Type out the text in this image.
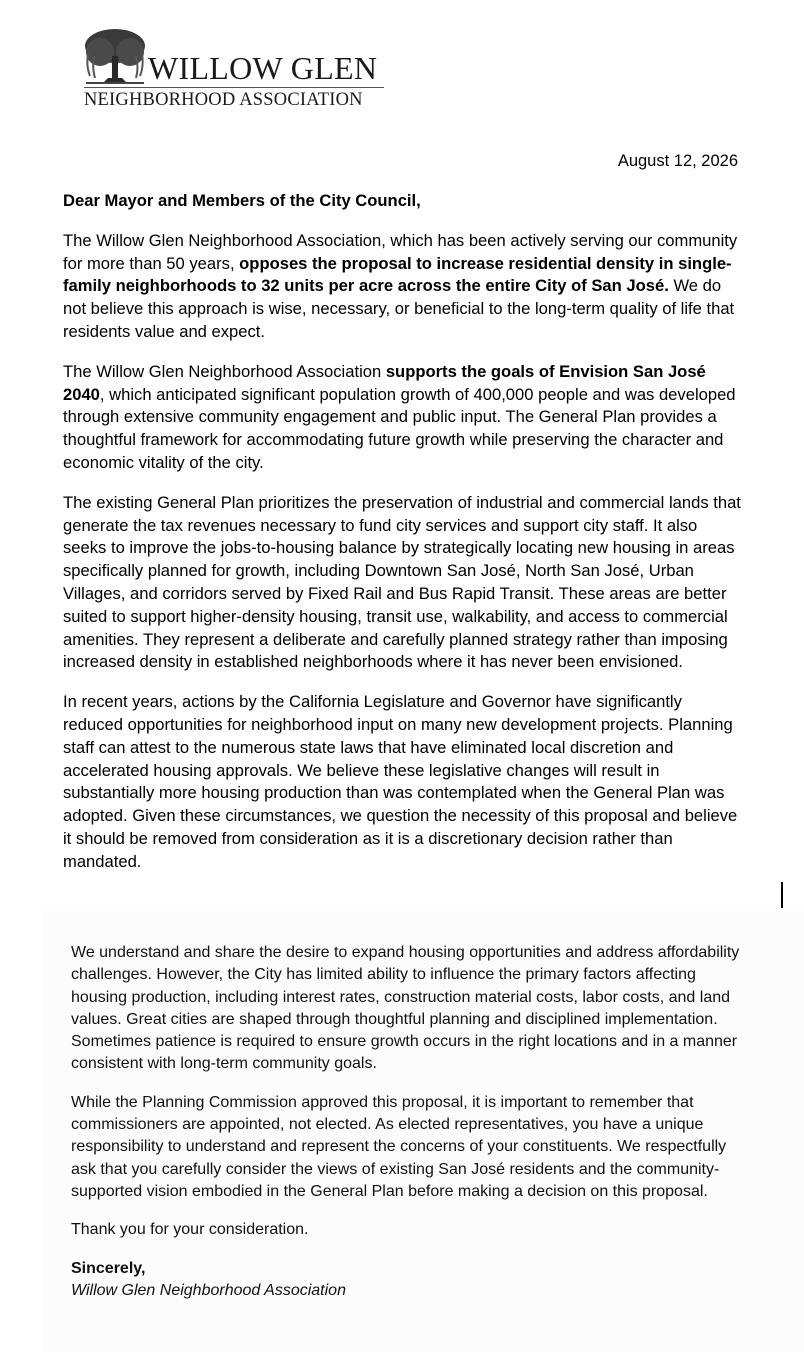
WILLOW GLEN
NEIGHBORHOOD ASSOCIATION
August 12, 2026

Dear Mayor and Members of the City Council,

The Willow Glen Neighborhood Association, which has been actively serving our community for more than 50 years, opposes the proposal to increase residential density in single-family neighborhoods to 32 units per acre across the entire City of San José. We do not believe this approach is wise, necessary, or beneficial to the long-term quality of life that residents value and expect.

The Willow Glen Neighborhood Association supports the goals of Envision San José 2040, which anticipated significant population growth of 400,000 people and was developed through extensive community engagement and public input. The General Plan provides a thoughtful framework for accommodating future growth while preserving the character and economic vitality of the city.

The existing General Plan prioritizes the preservation of industrial and commercial lands that generate the tax revenues necessary to fund city services and support city staff. It also seeks to improve the jobs-to-housing balance by strategically locating new housing in areas specifically planned for growth, including Downtown San José, North San José, Urban Villages, and corridors served by Fixed Rail and Bus Rapid Transit. These areas are better suited to support higher-density housing, transit use, walkability, and access to commercial amenities. They represent a deliberate and carefully planned strategy rather than imposing increased density in established neighborhoods where it has never been envisioned.

In recent years, actions by the California Legislature and Governor have significantly reduced opportunities for neighborhood input on many new development projects. Planning staff can attest to the numerous state laws that have eliminated local discretion and accelerated housing approvals. We believe these legislative changes will result in substantially more housing production than was contemplated when the General Plan was adopted. Given these circumstances, we question the necessity of this proposal and believe it should be removed from consideration as it is a discretionary decision rather than mandated.

We understand and share the desire to expand housing opportunities and address affordability challenges. However, the City has limited ability to influence the primary factors affecting housing production, including interest rates, construction material costs, labor costs, and land values. Great cities are shaped through thoughtful planning and disciplined implementation. Sometimes patience is required to ensure growth occurs in the right locations and in a manner consistent with long-term community goals.

While the Planning Commission approved this proposal, it is important to remember that commissioners are appointed, not elected. As elected representatives, you have a unique responsibility to understand and represent the concerns of your constituents. We respectfully ask that you carefully consider the views of existing San José residents and the community-supported vision embodied in the General Plan before making a decision on this proposal.

Thank you for your consideration.

Sincerely,

Willow Glen Neighborhood Association
